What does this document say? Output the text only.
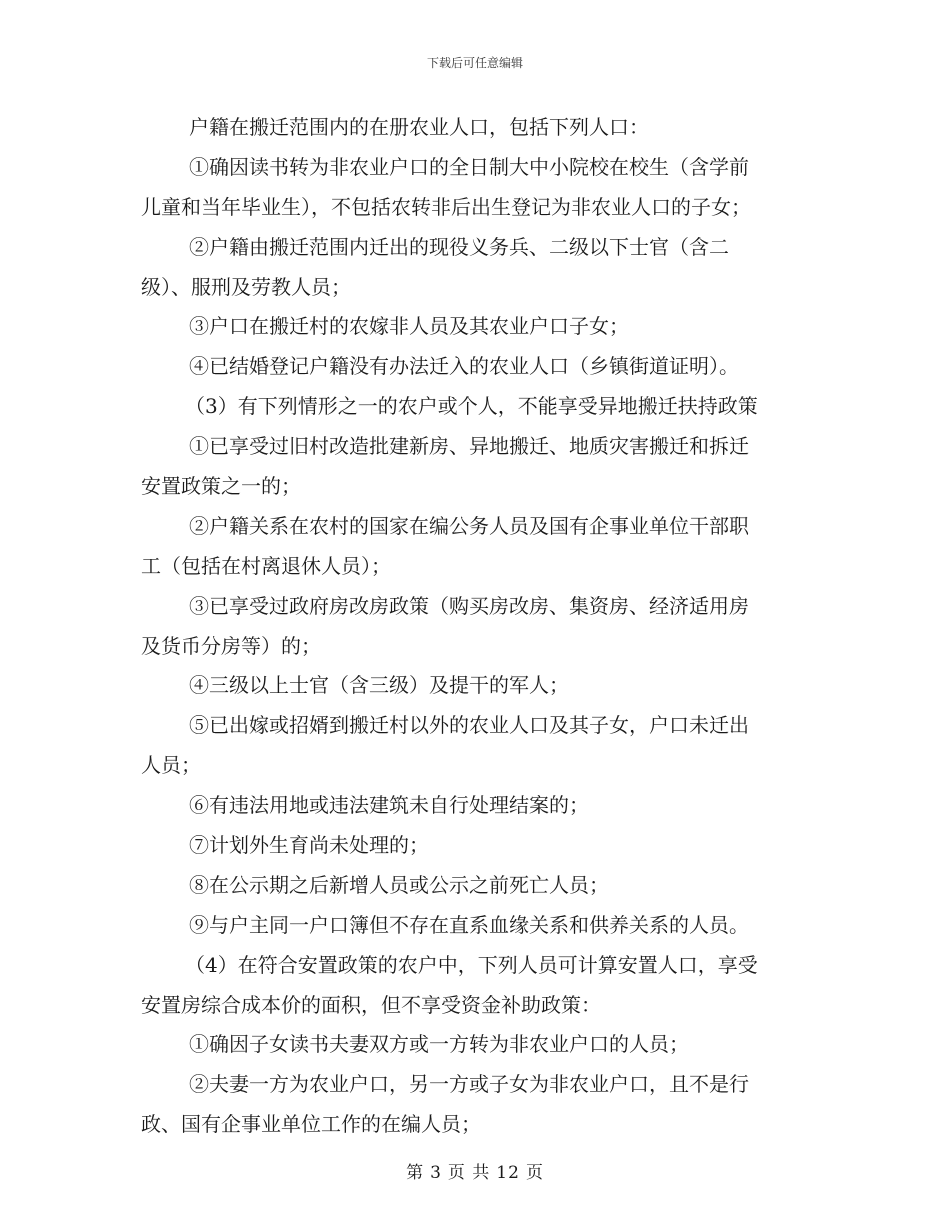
下载后可任意编辑
户籍在搬迁范围内的在册农业人口，包括下列人口：
①确因读书转为非农业户口的全日制大中小院校在校生（含学前
儿童和当年毕业生），不包括农转非后出生登记为非农业人口的子女；
②户籍由搬迁范围内迁出的现役义务兵、二级以下士官（含二
级）、服刑及劳教人员；
③户口在搬迁村的农嫁非人员及其农业户口子女；
④已结婚登记户籍没有办法迁入的农业人口（乡镇街道证明）。
（3）有下列情形之一的农户或个人，不能享受异地搬迁扶持政策
①已享受过旧村改造批建新房、异地搬迁、地质灾害搬迁和拆迁
安置政策之一的；
②户籍关系在农村的国家在编公务人员及国有企事业单位干部职
工（包括在村离退休人员）；
③已享受过政府房改房政策（购买房改房、集资房、经济适用房
及货币分房等）的；
④三级以上士官（含三级）及提干的军人；
⑤已出嫁或招婿到搬迁村以外的农业人口及其子女，户口未迁出
人员；
⑥有违法用地或违法建筑未自行处理结案的；
⑦计划外生育尚未处理的；
⑧在公示期之后新增人员或公示之前死亡人员；
⑨与户主同一户口簿但不存在直系血缘关系和供养关系的人员。
（4）在符合安置政策的农户中，下列人员可计算安置人口，享受
安置房综合成本价的面积，但不享受资金补助政策：
①确因子女读书夫妻双方或一方转为非农业户口的人员；
②夫妻一方为农业户口，另一方或子女为非农业户口，且不是行
政、国有企事业单位工作的在编人员；
第 3 页 共 12 页
